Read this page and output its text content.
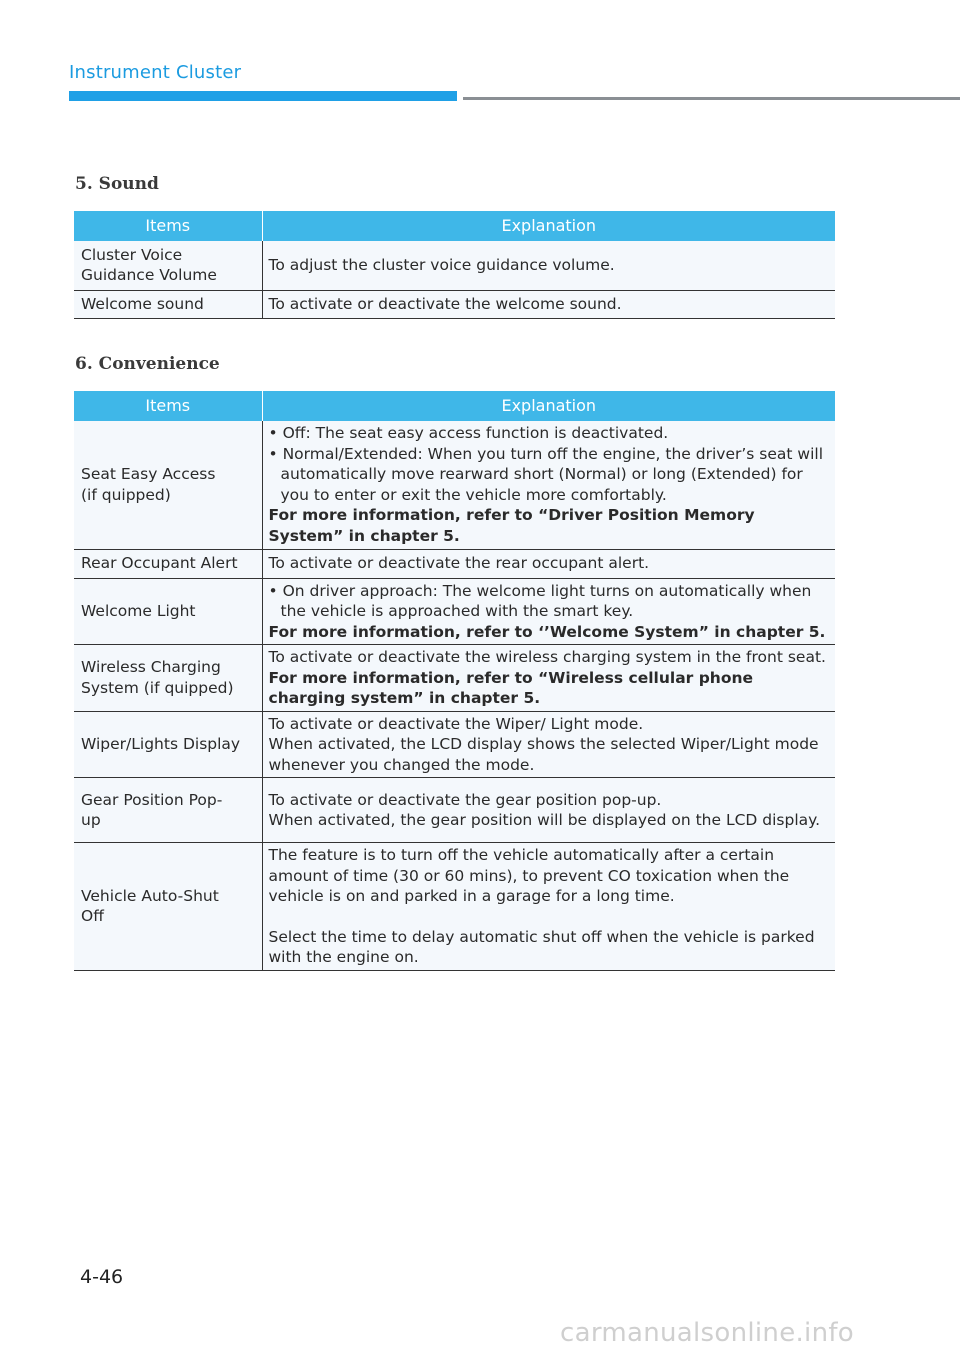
Instrument Cluster
5. Sound
Items	Explanation

Cluster Voice
Guidance Volume	To adjust the cluster voice guidance volume.

Welcome sound	To activate or deactivate the welcome sound.
6. Convenience
Items	Explanation

Seat Easy Access
(if quipped)	• Off: The seat easy access function is deactivated.
• Normal/Extended: When you turn off the engine, the driver’s seat will automatically move rearward short (Normal) or long (Extended) for you to enter or exit the vehicle more comfortably.
For more information, refer to “Driver Position Memory System” in chapter 5.

Rear Occupant Alert	To activate or deactivate the rear occupant alert.

Welcome Light	• On driver approach: The welcome light turns on automatically when the vehicle is approached with the smart key.
For more information, refer to ‘’Welcome System” in chapter 5.

Wireless Charging
System (if quipped)	To activate or deactivate the wireless charging system in the front seat.
For more information, refer to “Wireless cellular phone charging system” in chapter 5.

Wiper/Lights Display	To activate or deactivate the Wiper/ Light mode.
When activated, the LCD display shows the selected Wiper/Light mode whenever you changed the mode.

Gear Position Pop-
up	To activate or deactivate the gear position pop-up.
When activated, the gear position will be displayed on the LCD display.

Vehicle Auto-Shut
Off	The feature is to turn off the vehicle automatically after a certain amount of time (30 or 60 mins), to prevent CO toxication when the vehicle is on and parked in a garage for a long time.
Select the time to delay automatic shut off when the vehicle is parked with the engine on.
4-46
carmanualsonline.info
